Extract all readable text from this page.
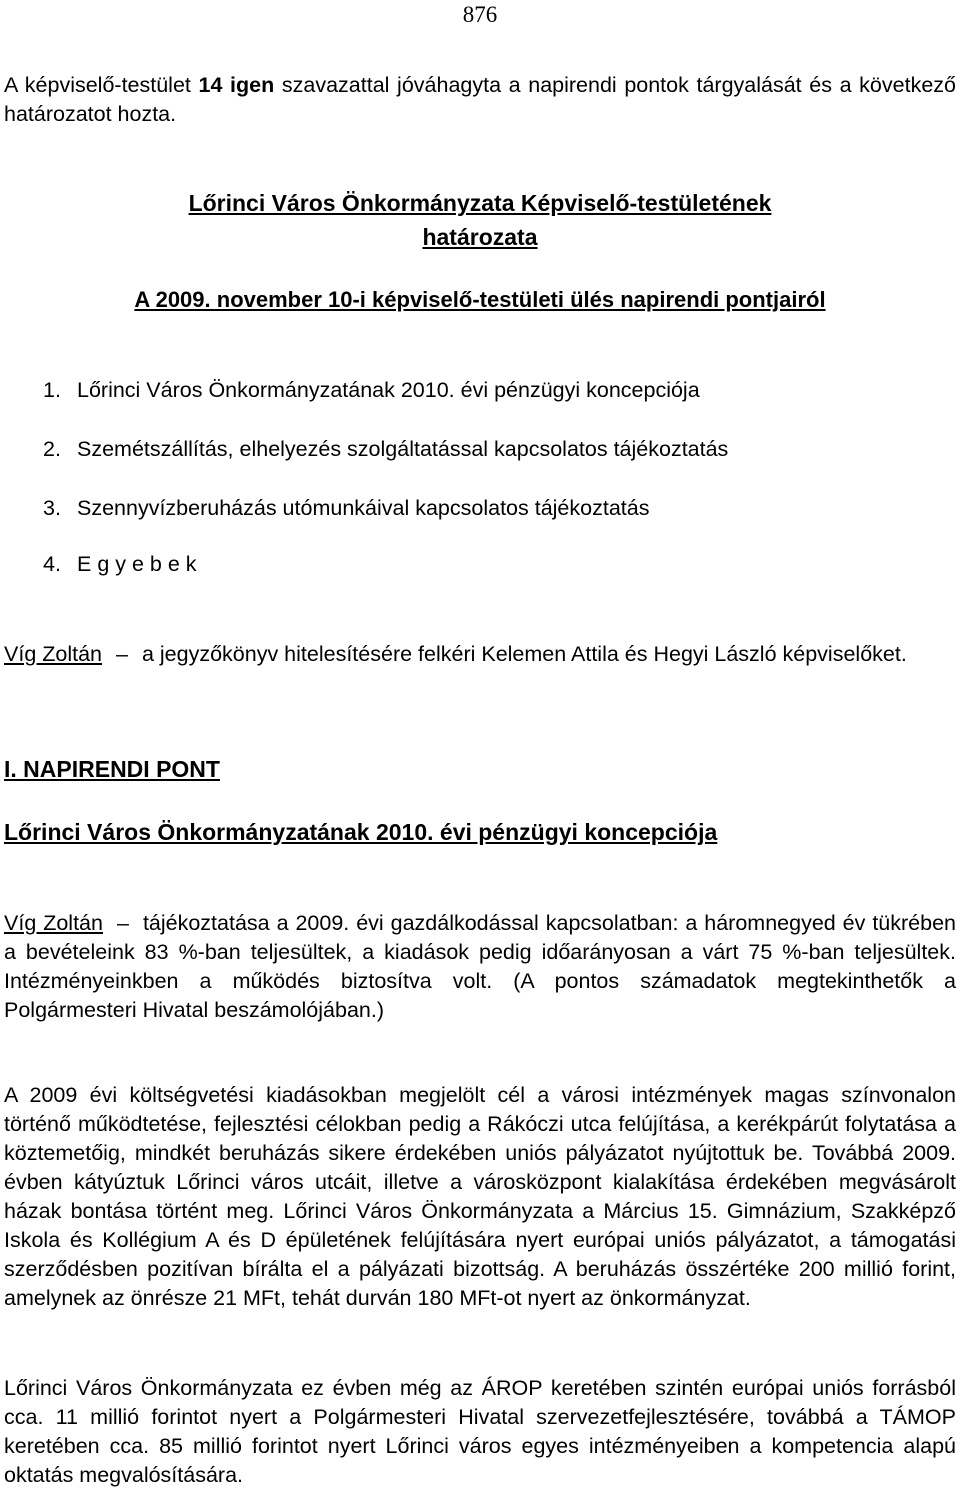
876
A képviselő-testület 14 igen szavazattal jóváhagyta a napirendi pontok tárgyalását és a következő határozatot hozta.
Lőrinci Város Önkormányzata Képviselő-testületének
határozata
A 2009. november 10-i képviselő-testületi ülés napirendi pontjairól
1. Lőrinci Város Önkormányzatának 2010. évi pénzügyi koncepciója
2. Szemétszállítás, elhelyezés szolgáltatással kapcsolatos tájékoztatás
3. Szennyvízberuházás utómunkáival kapcsolatos tájékoztatás
4. E g y e b e k
Víg Zoltán – a jegyzőkönyv hitelesítésére felkéri Kelemen Attila és Hegyi László képviselőket.
I. NAPIRENDI PONT
Lőrinci Város Önkormányzatának 2010. évi pénzügyi koncepciója
Víg Zoltán – tájékoztatása a 2009. évi gazdálkodással kapcsolatban: a háromnegyed év tükrében a bevételeink 83 %-ban teljesültek, a kiadások pedig időarányosan a várt 75 %-ban teljesültek. Intézményeinkben a működés biztosítva volt. (A pontos számadatok megtekinthetők a Polgármesteri Hivatal beszámolójában.)
A 2009 évi költségvetési kiadásokban megjelölt cél a városi intézmények magas színvonalon történő működtetése, fejlesztési célokban pedig a Rákóczi utca felújítása, a kerékpárút folytatása a köztemetőig, mindkét beruházás sikere érdekében uniós pályázatot nyújtottuk be. Továbbá 2009. évben kátyúztuk Lőrinci város utcáit, illetve a városközpont kialakítása érdekében megvásárolt házak bontása történt meg. Lőrinci Város Önkormányzata a Március 15. Gimnázium, Szakképző Iskola és Kollégium A és D épületének felújítására nyert európai uniós pályázatot, a támogatási szerződésben pozitívan bírálta el a pályázati bizottság. A beruházás összértéke 200 millió forint, amelynek az önrésze 21 MFt, tehát durván 180 MFt-ot nyert az önkormányzat.
Lőrinci Város Önkormányzata ez évben még az ÁROP keretében szintén európai uniós forrásból cca. 11 millió forintot nyert a Polgármesteri Hivatal szervezetfejlesztésére, továbbá a TÁMOP keretében cca. 85 millió forintot nyert Lőrinci város egyes intézményeiben a kompetencia alapú oktatás megvalósítására.
